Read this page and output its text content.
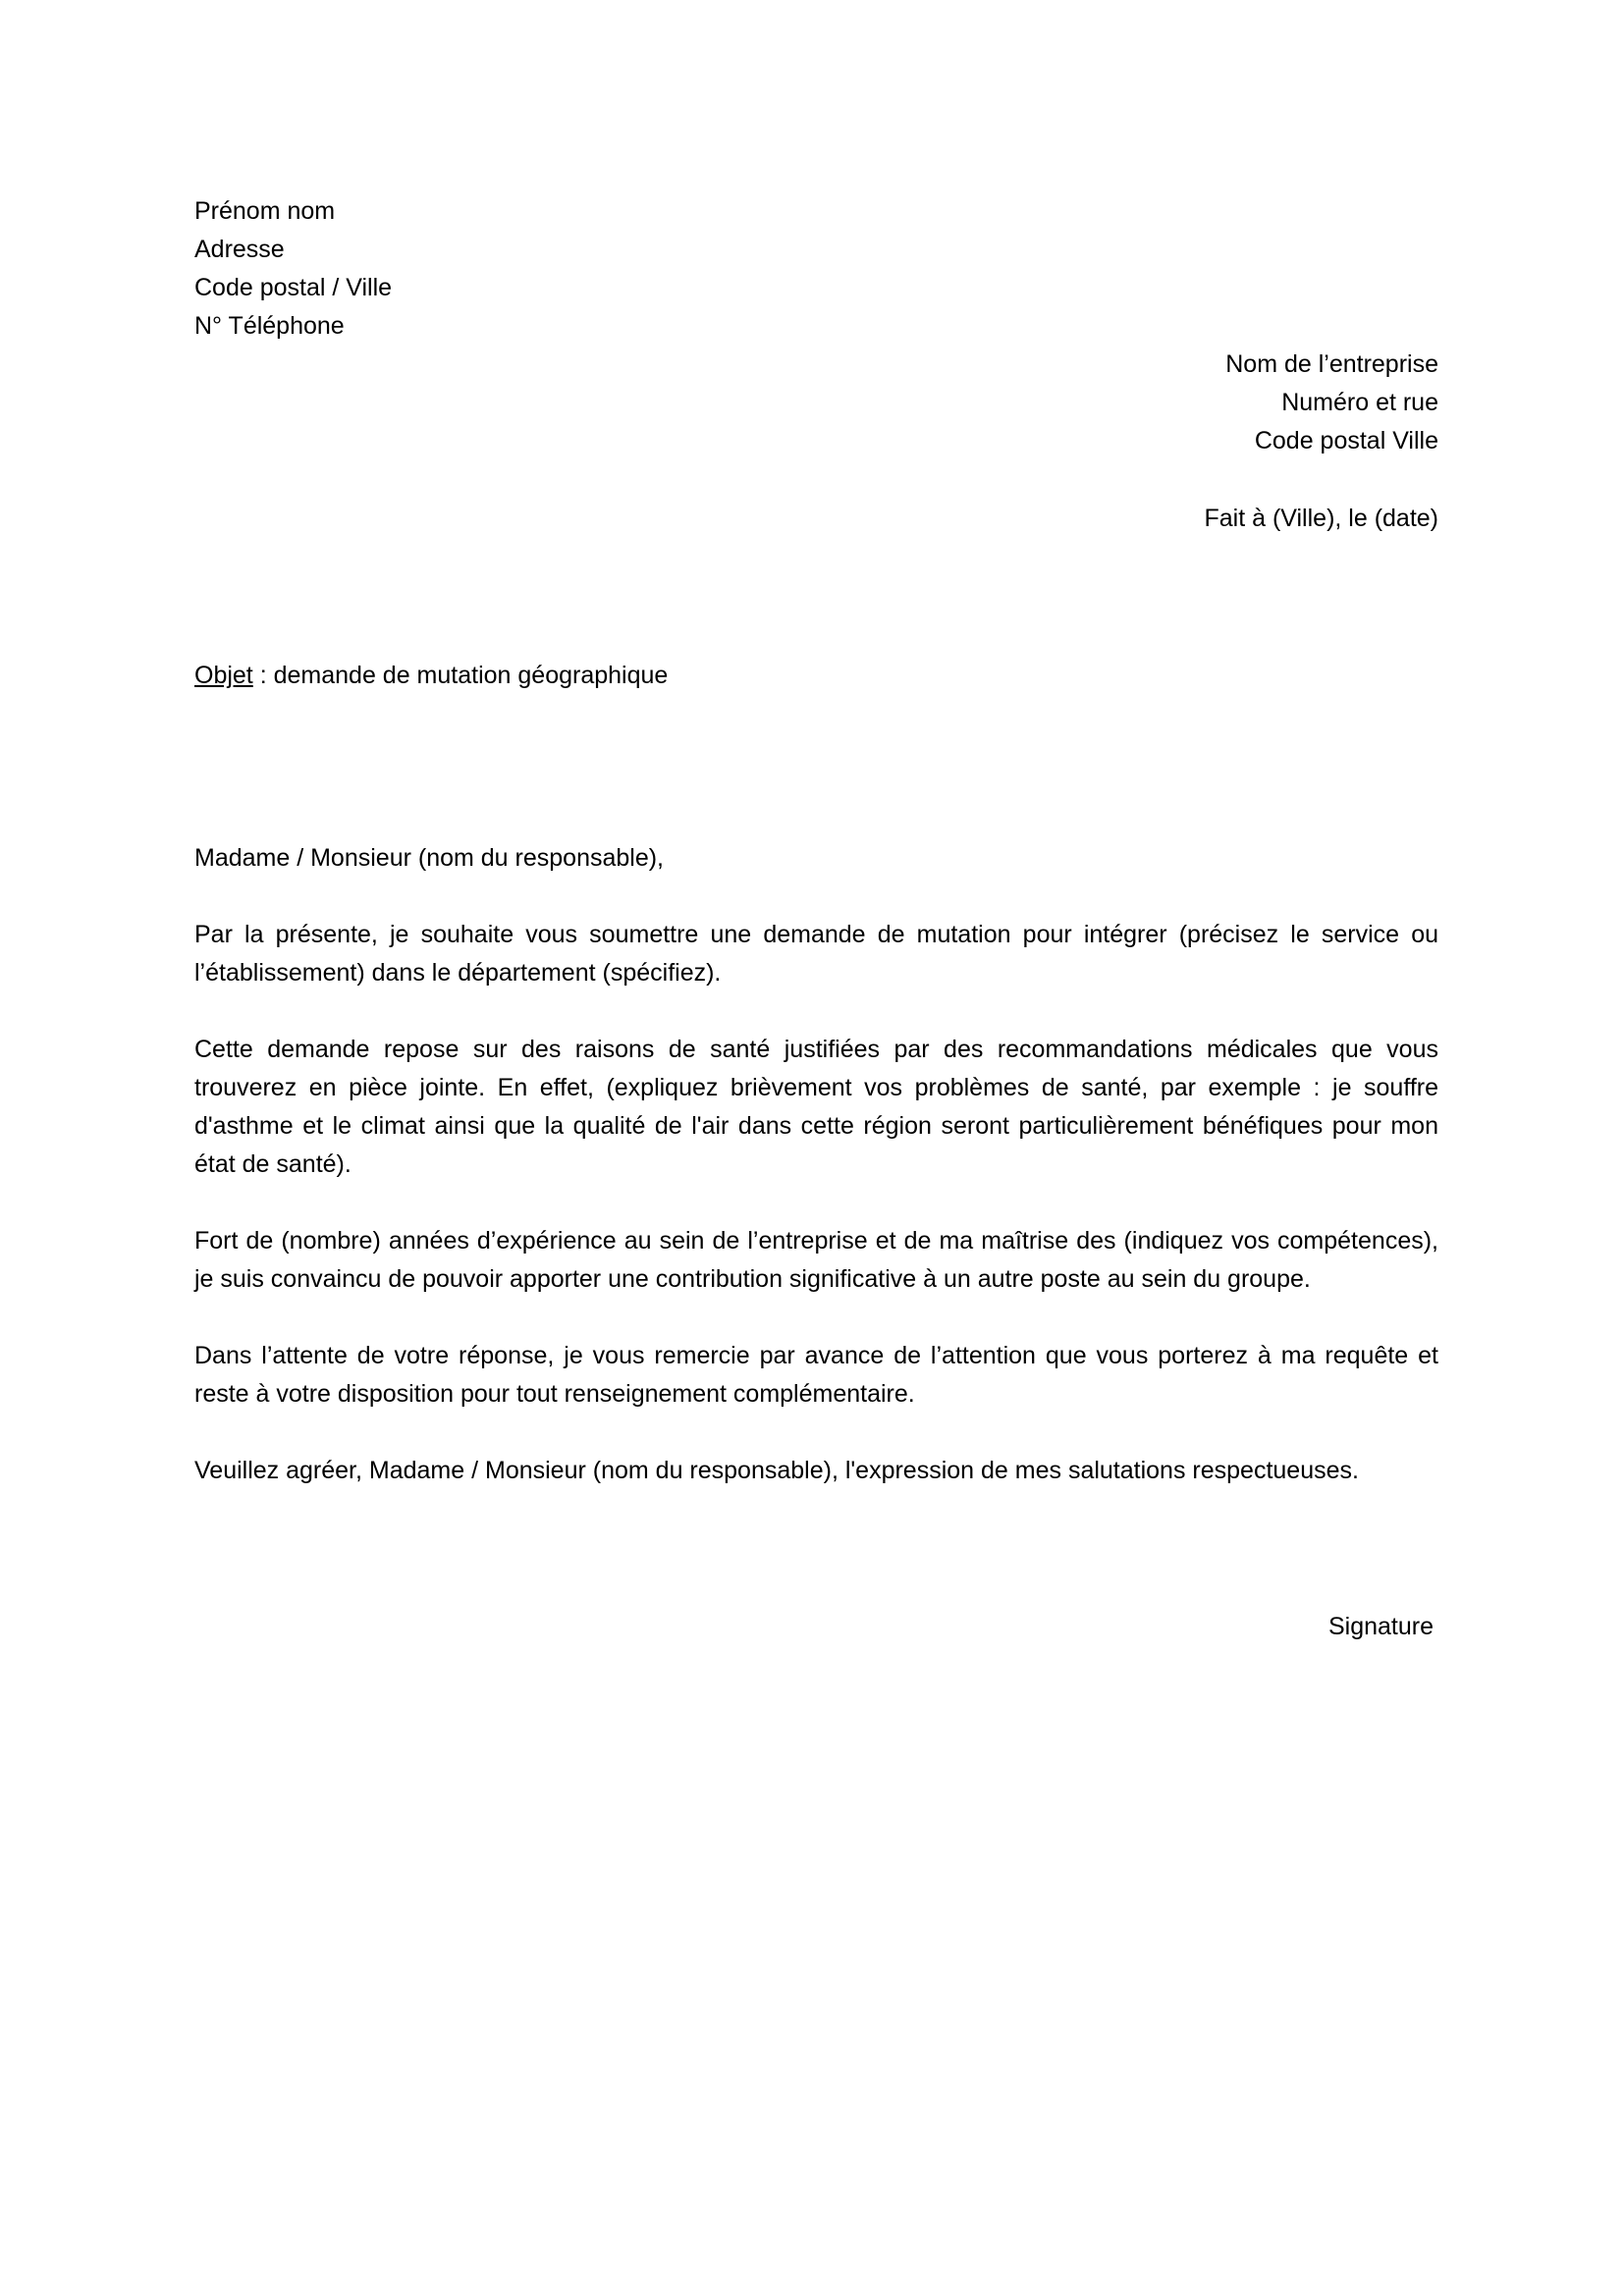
Prénom nom
Adresse
Code postal / Ville
N° Téléphone
Nom de l’entreprise
Numéro et rue
Code postal Ville
Fait à (Ville), le (date)
Objet : demande de mutation géographique
Madame / Monsieur (nom du responsable),
Par la présente, je souhaite vous soumettre une demande de mutation pour intégrer (précisez le service ou l’établissement) dans le département (spécifiez).
Cette demande repose sur des raisons de santé justifiées par des recommandations médicales que vous trouverez en pièce jointe. En effet, (expliquez brièvement vos problèmes de santé, par exemple : je souffre d'asthme et le climat ainsi que la qualité de l'air dans cette région seront particulièrement bénéfiques pour mon état de santé).
Fort de (nombre) années d’expérience au sein de l’entreprise et de ma maîtrise des (indiquez vos compétences), je suis convaincu de pouvoir apporter une contribution significative à un autre poste au sein du groupe.
Dans l’attente de votre réponse, je vous remercie par avance de l’attention que vous porterez à ma requête et reste à votre disposition pour tout renseignement complémentaire.
Veuillez agréer, Madame / Monsieur (nom du responsable), l'expression de mes salutations respectueuses.
Signature
